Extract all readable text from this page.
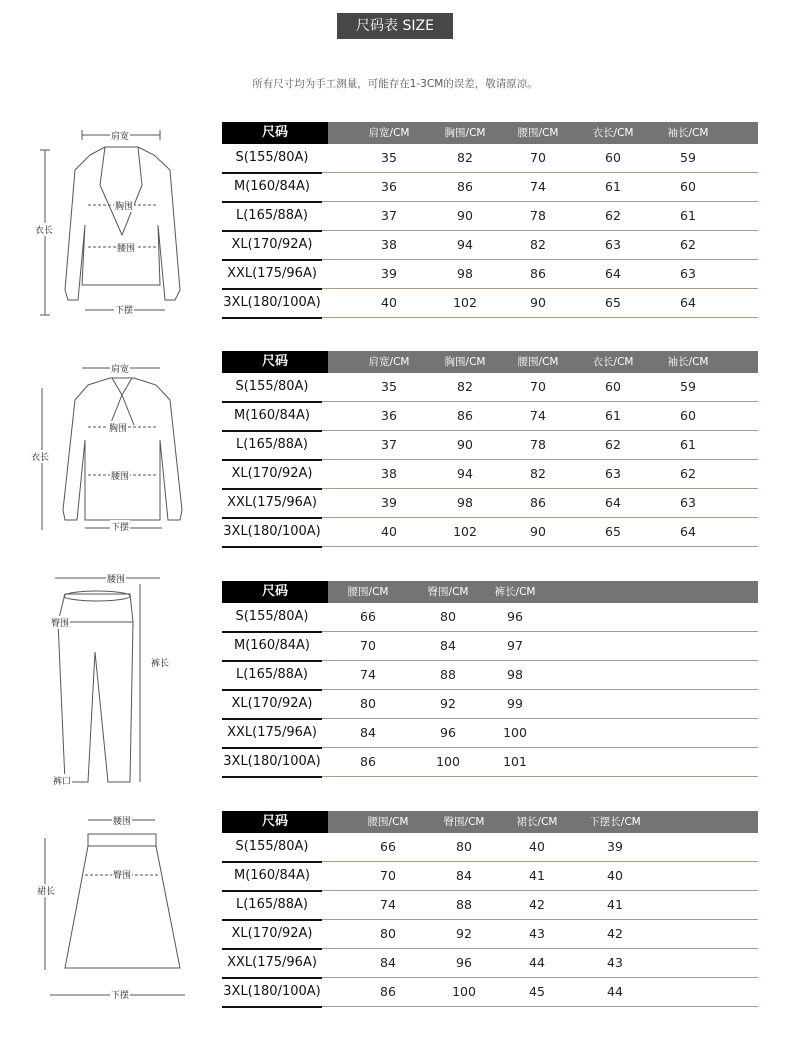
尺码表 SIZE
所有尺寸均为手工测量，可能存在1-3CM的误差，敬请原凉。
肩宽
衣长
胸围
腰围
下摆
肩宽
衣长
胸围
腰围
下摆
腰围
臀围
裤长
裤口
腰围
臀围
裙长
下摆
尺码	肩宽/CM	胸围/CM	腰围/CM	衣长/CM	袖长/CM
S(155/80A)	35	82	70	60	59
M(160/84A)	36	86	74	61	60
L(165/88A)	37	90	78	62	61
XL(170/92A)	38	94	82	63	62
XXL(175/96A)	39	98	86	64	63
3XL(180/100A)	40	102	90	65	64
尺码	肩宽/CM	胸围/CM	腰围/CM	衣长/CM	袖长/CM
S(155/80A)	35	82	70	60	59
M(160/84A)	36	86	74	61	60
L(165/88A)	37	90	78	62	61
XL(170/92A)	38	94	82	63	62
XXL(175/96A)	39	98	86	64	63
3XL(180/100A)	40	102	90	65	64
尺码	腰围/CM	臀围/CM 裤长/CM
S(155/80A)	66	80	96
M(160/84A)	70	84	97
L(165/88A)	74	88	98
XL(170/92A)	80	92	99
XXL(175/96A)	84	96	100
3XL(180/100A)	86	100	101
尺码	腰围/CM	臀围/CM	裙长/CM	下摆长/CM
S(155/80A)	66	80	40	39
M(160/84A)	70	84	41	40
L(165/88A)	74	88	42	41
XL(170/92A)	80	92	43	42
XXL(175/96A)	84	96	44	43
3XL(180/100A)	86	100	45	44
